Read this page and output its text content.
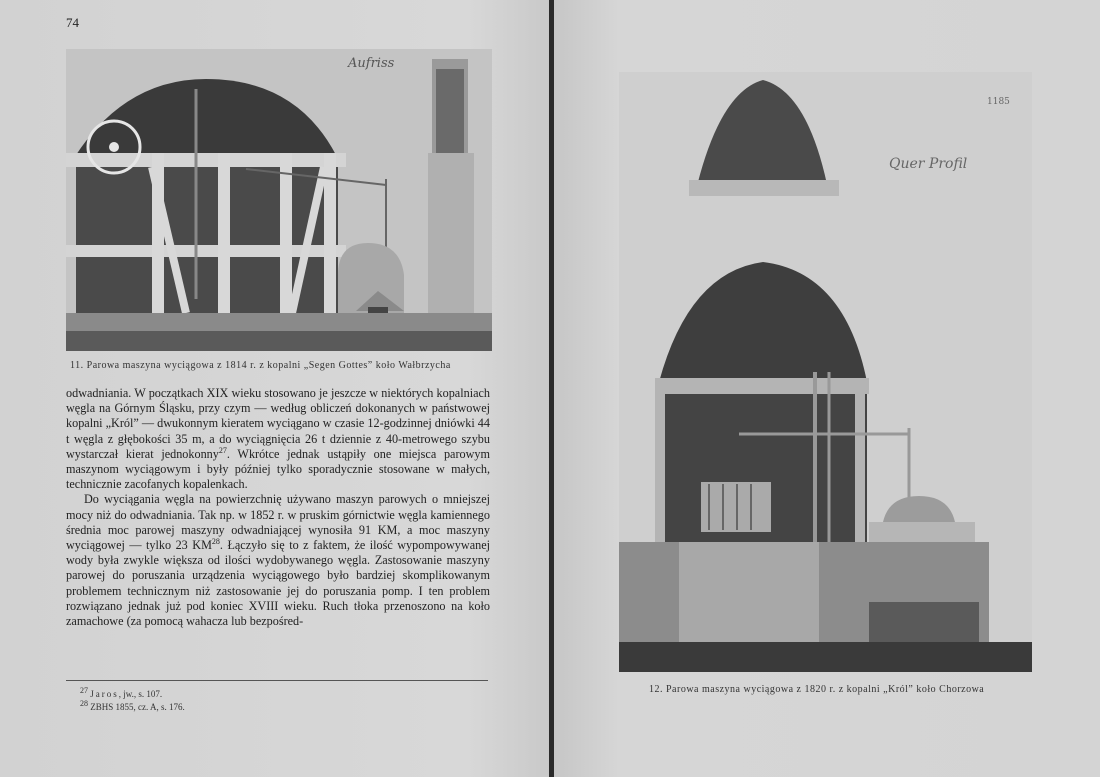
74
Aufriss
11. Parowa maszyna wyciągowa z 1814 r. z kopalni „Segen Gottes” koło Wałbrzycha

odwadniania. W początkach XIX wieku stosowano je jeszcze w niektórych kopalniach węgla na Górnym Śląsku, przy czym — według obliczeń dokonanych w państwowej kopalni „Król” — dwukonnym kieratem wyciągano w czasie 12-godzinnej dniówki 44 t węgla z głębokości 35 m, a do wyciągnięcia 26 t dziennie z 40-metrowego szybu wystarczał kierat jednokonny$^{27}$. Wkrótce jednak ustąpiły one miejsca parowym maszynom wyciągowym i były później tylko sporadycznie stosowane w małych, technicznie zacofanych kopalenkach.

Do wyciągania węgla na powierzchnię używano maszyn parowych o mniejszej mocy niż do odwadniania. Tak np. w 1852 r. w pruskim górnictwie węgla kamiennego średnia moc parowej maszyny odwadniającej wynosiła 91 KM, a moc maszyny wyciągowej — tylko 23 KM$^{28}$. Łączyło się to z faktem, że ilość wypompowywanej wody była zwykle większa od ilości wydobywanego węgla. Zastosowanie maszyny parowej do poruszania urządzenia wyciągowego było bardziej skomplikowanym problemem technicznym niż zastosowanie jej do poruszania pomp. I ten problem rozwiązano jednak już pod koniec XVIII wieku. Ruch tłoka przenoszono na koło zamachowe (za pomocą wahacza lub bezpośred-

$^{27}$ Jaros, jw., s. 107.
$^{28}$ ZBHS 1855, cz. A, s. 176.
Quer Profil
1185
12. Parowa maszyna wyciągowa z 1820 r. z kopalni „Król” koło Chorzowa
